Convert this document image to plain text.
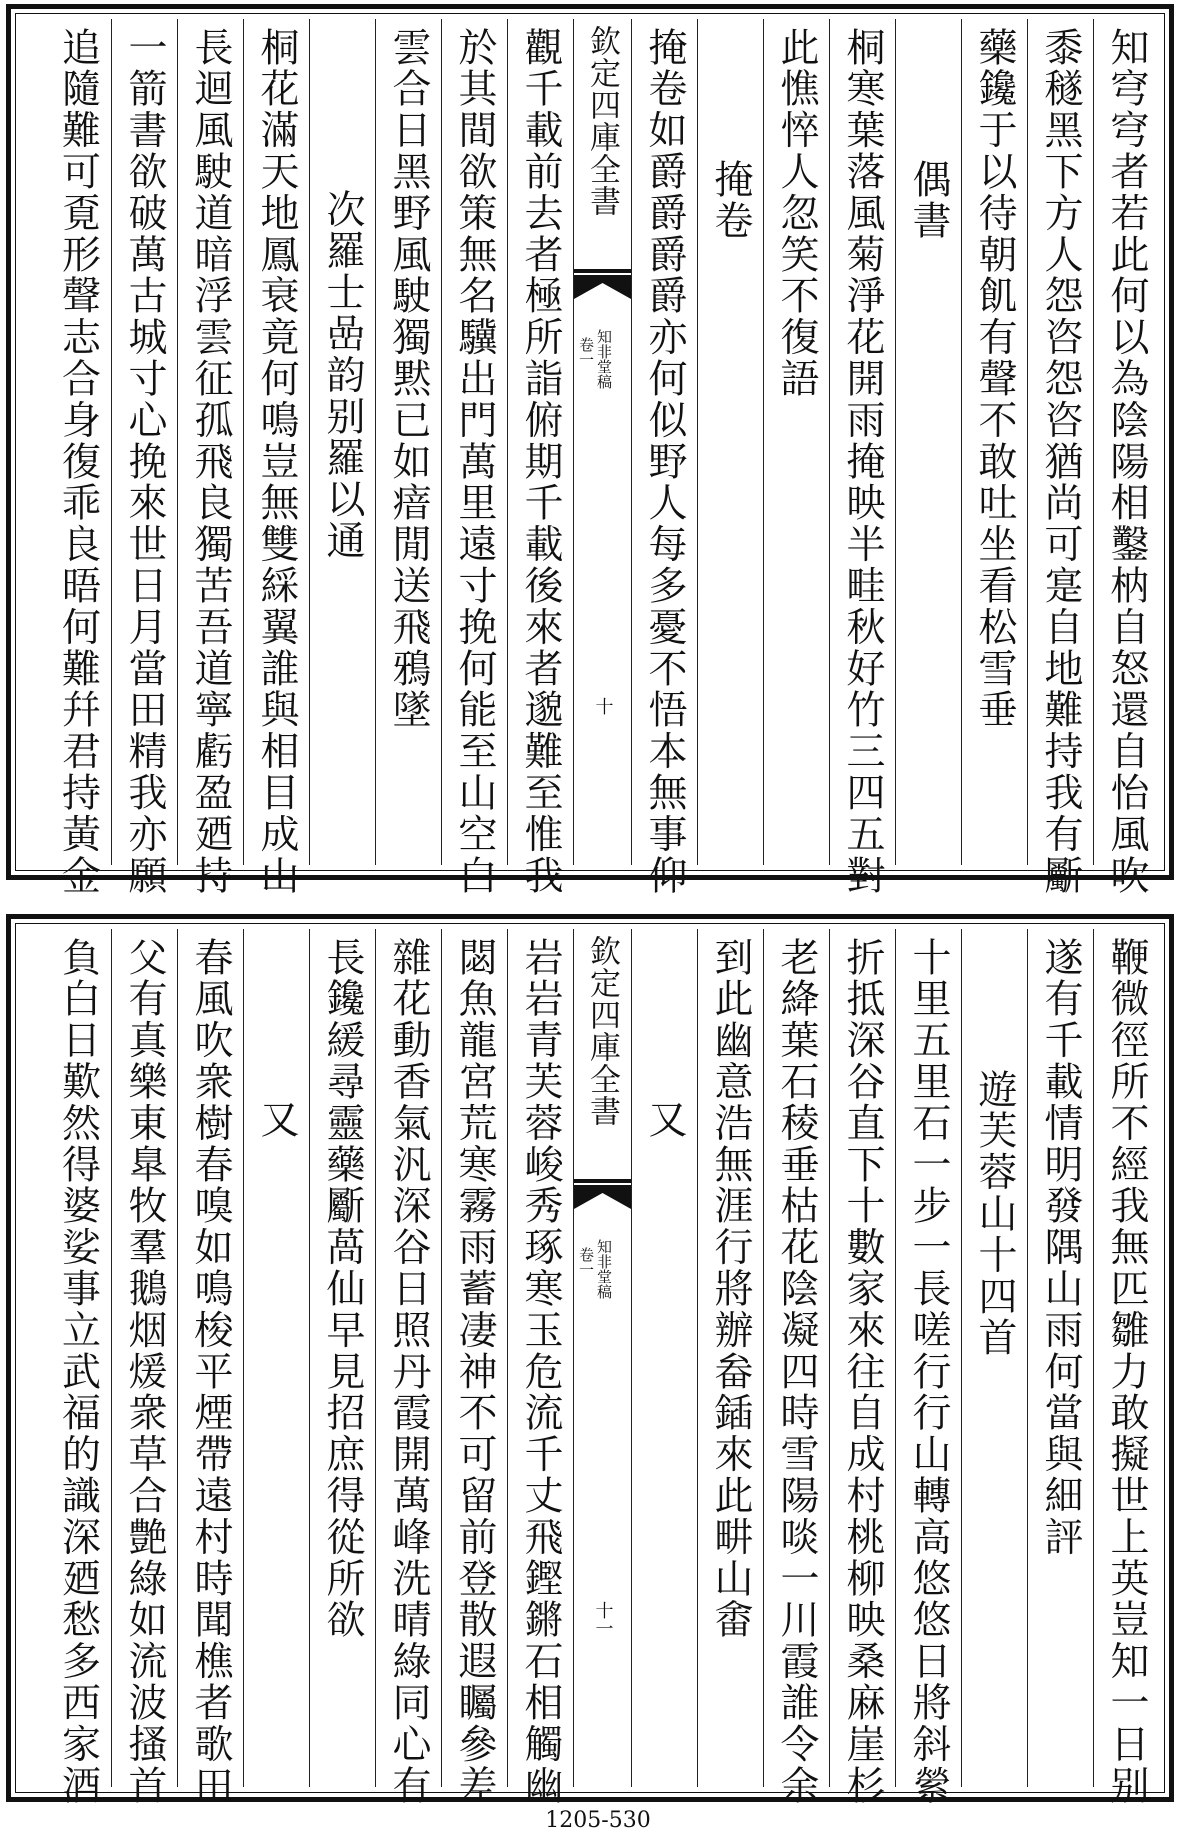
知穹穹者若此何以為陰陽相鑿枘自怒還自怡風吹
黍穟黑下方人怨咨怨咨猶尚可寔自地難持我有斸
藥鑱于以待朝飢有聲不敢吐坐看松雪垂
偶書
桐寒葉落風菊淨花開雨掩映半畦秋好竹三四五對
此憔悴人忽笑不復語
掩卷
掩卷如爵爵爵爵亦何似野人每多憂不悟本無事仰
欽定四庫全書
知非堂稿
卷一
十
觀千載前去者極所詣俯期千載後來者邈難至惟我
於其間欲策無名驥出門萬里遠寸挽何能至山空白
雲合日黑野風駛獨黙已如瘖閒送飛鴉墜
次羅士嵒韵别羅以通
桐花滿天地鳳衰竟何鳴豈無雙綵翼誰與相目成山
長迴風駛道暗浮雲征孤飛良獨苦吾道寧虧盈廼持
一箭書欲破萬古城寸心挽來世日月當田精我亦願
追隨難可覔形聲志合身復乖良晤何難幷君持黃金
鞭微徑所不經我無匹雛力敢擬世上英豈知一日别
遂有千載情明發隅山雨何當與細評
遊芙蓉山十四首
十里五里石一步一長嗟行行山轉高悠悠日將斜縈
折抵深谷直下十數家來往自成村桃柳映桑麻崖杉
老絳葉石稜垂枯花陰凝四時雪陽啖一川霞誰令余
到此幽意浩無涯行將辦畚鍤來此畊山畬
又
欽定四庫全書
知非堂稿
卷一
十一
岩岩青芙蓉峻秀琢寒玉危流千丈飛鏗鏘石相觸幽
閟魚龍宮荒寒霧雨蓄凄神不可留前登散遐矚參差
雜花動香氣汎深谷日照丹霞開萬峰洗晴綠同心有
長鑱緩尋靈藥斸萵仙早見招庶得從所欲
又
春風吹衆樹春嗅如鳴梭平煙帶遠村時聞樵者歌田
父有真樂東臯牧羣鵝烟煖衆草合艶綠如流波搔首
負白日歎然得婆娑事立武福的識深廼愁多西家酒
1205-530
